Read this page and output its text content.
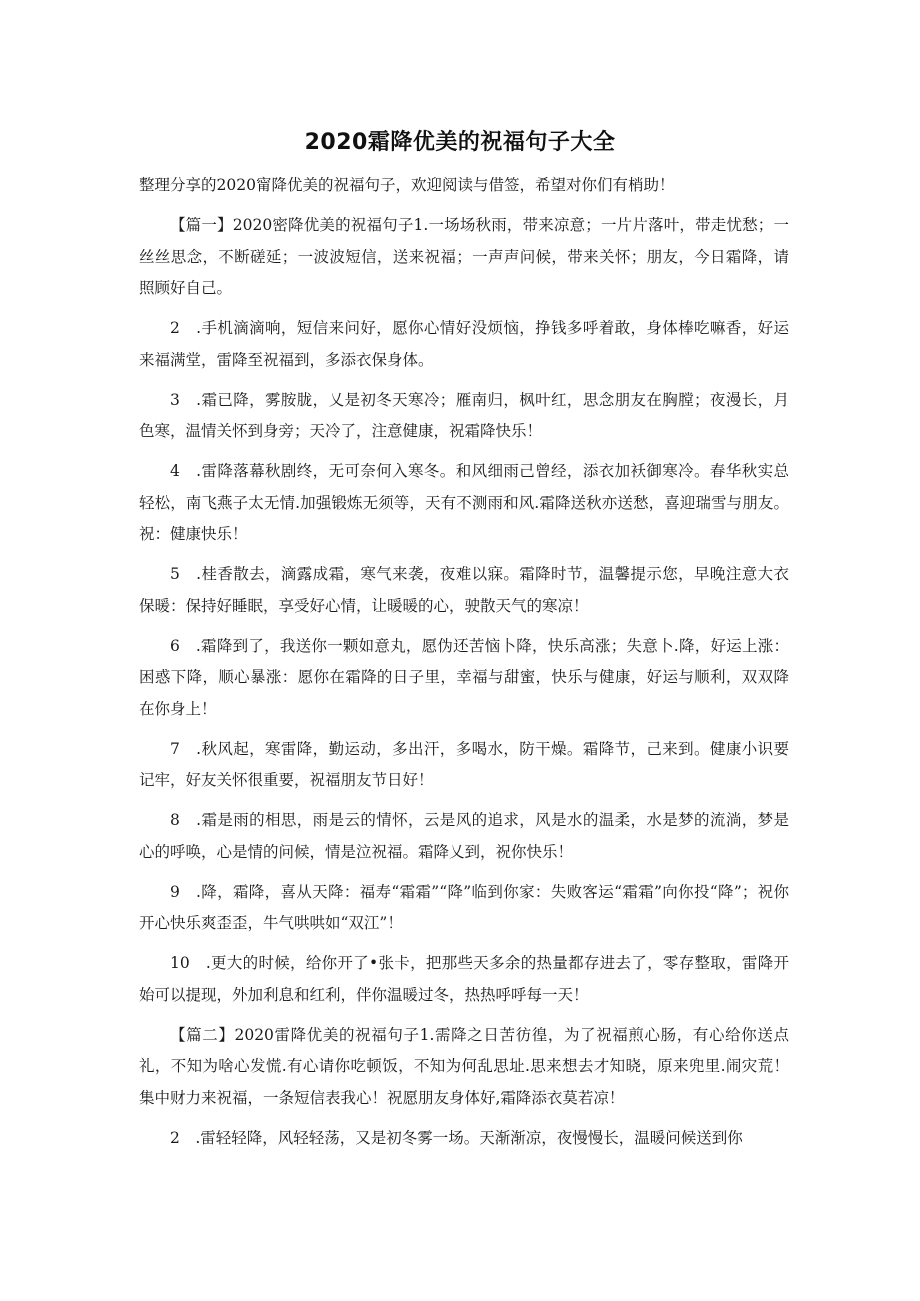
2020霜降优美的祝福句子大全

整理分享的2020甯降优美的祝福句子，欢迎阅读与借签，希望对你们有梢助！

【篇一】2020密降优美的祝福句子1.一场场秋雨，带来凉意；一片片落叶，带走忧愁；一丝丝思念，不断磋延；一波波短信，送来祝福；一声声问候，带来关怀；朋友，今日霜降，请照顾好自己。

2　.手机滴滴响，短信来问好，愿你心情好没烦恼，挣钱多呼着敢，身体棒吃嘛香，好运来福满堂，雷降至祝福到，多添衣保身体。

3　.霜已降，雾胺胧，乂是初冬天寒冷；雁南归，枫叶红，思念朋友在胸膛；夜漫长，月色寒，温情关怀到身旁；天冷了，注意健康，祝霜降快乐！

4　.雷降落幕秋剧终，无可奈何入寒冬。和风细雨己曾经，添衣加袄御寒冷。春华秋实总轻松，南飞燕子太无情.加强锻炼无须等，天有不测雨和风.霜降送秋亦送愁，喜迎瑞雪与朋友。祝：健康快乐！

5　.桂香散去，滴露成霜，寒气来袭，夜难以寐。霜降时节，温馨提示您，早晚注意大衣保暖：保持好睡眠，享受好心情，让暖暖的心，驶散天气的寒凉！

6　.霜降到了，我送你一颗如意丸，愿伪还苦恼卜降，快乐高涨；失意卜.降，好运上涨：困惑下降，顺心暴涨：愿你在霜降的日子里，幸福与甜蜜，快乐与健康，好运与顺利，双双降在你身上！

7　.秋风起，寒雷降，勤运动，多出汗，多喝水，防干燥。霜降节，己来到。健康小识要记牢，好友关怀很重要，祝福朋友节日好！

8　.霜是雨的相思，雨是云的情怀，云是风的追求，风是水的温柔，水是梦的流淌，梦是心的呼唤，心是情的问候，情是泣祝福。霜降乂到，祝你快乐！

9　.降，霜降，喜从天降：福寿“霜霜”“降”临到你家：失败客运“霜霜”向你投“降”；祝你开心快乐爽歪歪，牛气哄哄如“双江”！

10　.更大的时候，给你开了•张卡，把那些天多余的热量都存进去了，零存整取，雷降开始可以提现，外加利息和红利，伴你温暖过冬，热热呼呼每一天！

【篇二】2020雷降优美的祝福句子1.需降之日苦彷徨，为了祝福煎心肠，有心给你送点礼，不知为啥心发慌.有心请你吃顿饭，不知为何乱思址.思来想去才知晓，原来兜里.闹灾荒！集中财力来祝福，一条短信表我心！祝愿朋友身体好,霜降添衣莫若凉！

2　.雷轻轻降，风轻轻荡，又是初冬雾一场。天渐渐凉，夜慢慢长，温暖问候送到你
